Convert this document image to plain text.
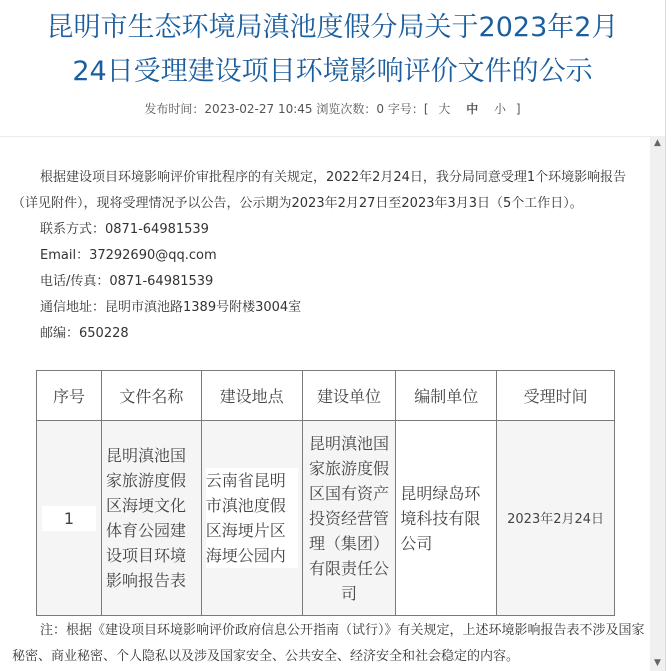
昆明市生态环境局滇池度假分局关于2023年2月
24日受理建设项目环境影响评价文件的公示
发布时间：2023-02-27 10:45 浏览次数：0 字号：[ 大 中 小 ]

根据建设项目环境影响评价审批程序的有关规定，2022年2月24日，我分局同意受理1个环境影响报告（详见附件），现将受理情况予以公告，公示期为2023年2月27日至2023年3月3日（5个工作日）。

联系方式：0871-64981539

Email：37292690@qq.com

电话/传真：0871-64981539

通信地址：昆明市滇池路1389号附楼3004室

邮编：650228

序号	文件名称	建设地点	建设单位	编制单位	受理时间
1	昆明滇池国家旅游度假区海埂文化体育公园建设项目环境影响报告表	云南省昆明市滇池度假区海埂片区海埂公园内	昆明滇池国家旅游度假区国有资产投资经营管理（集团）有限责任公司	昆明绿岛环境科技有限公司	2023年2月24日

注：根据《建设项目环境影响评价政府信息公开指南（试行）》有关规定，上述环境影响报告表不涉及国家秘密、商业秘密、个人隐私以及涉及国家安全、公共安全、经济安全和社会稳定的内容。

▲
▼
